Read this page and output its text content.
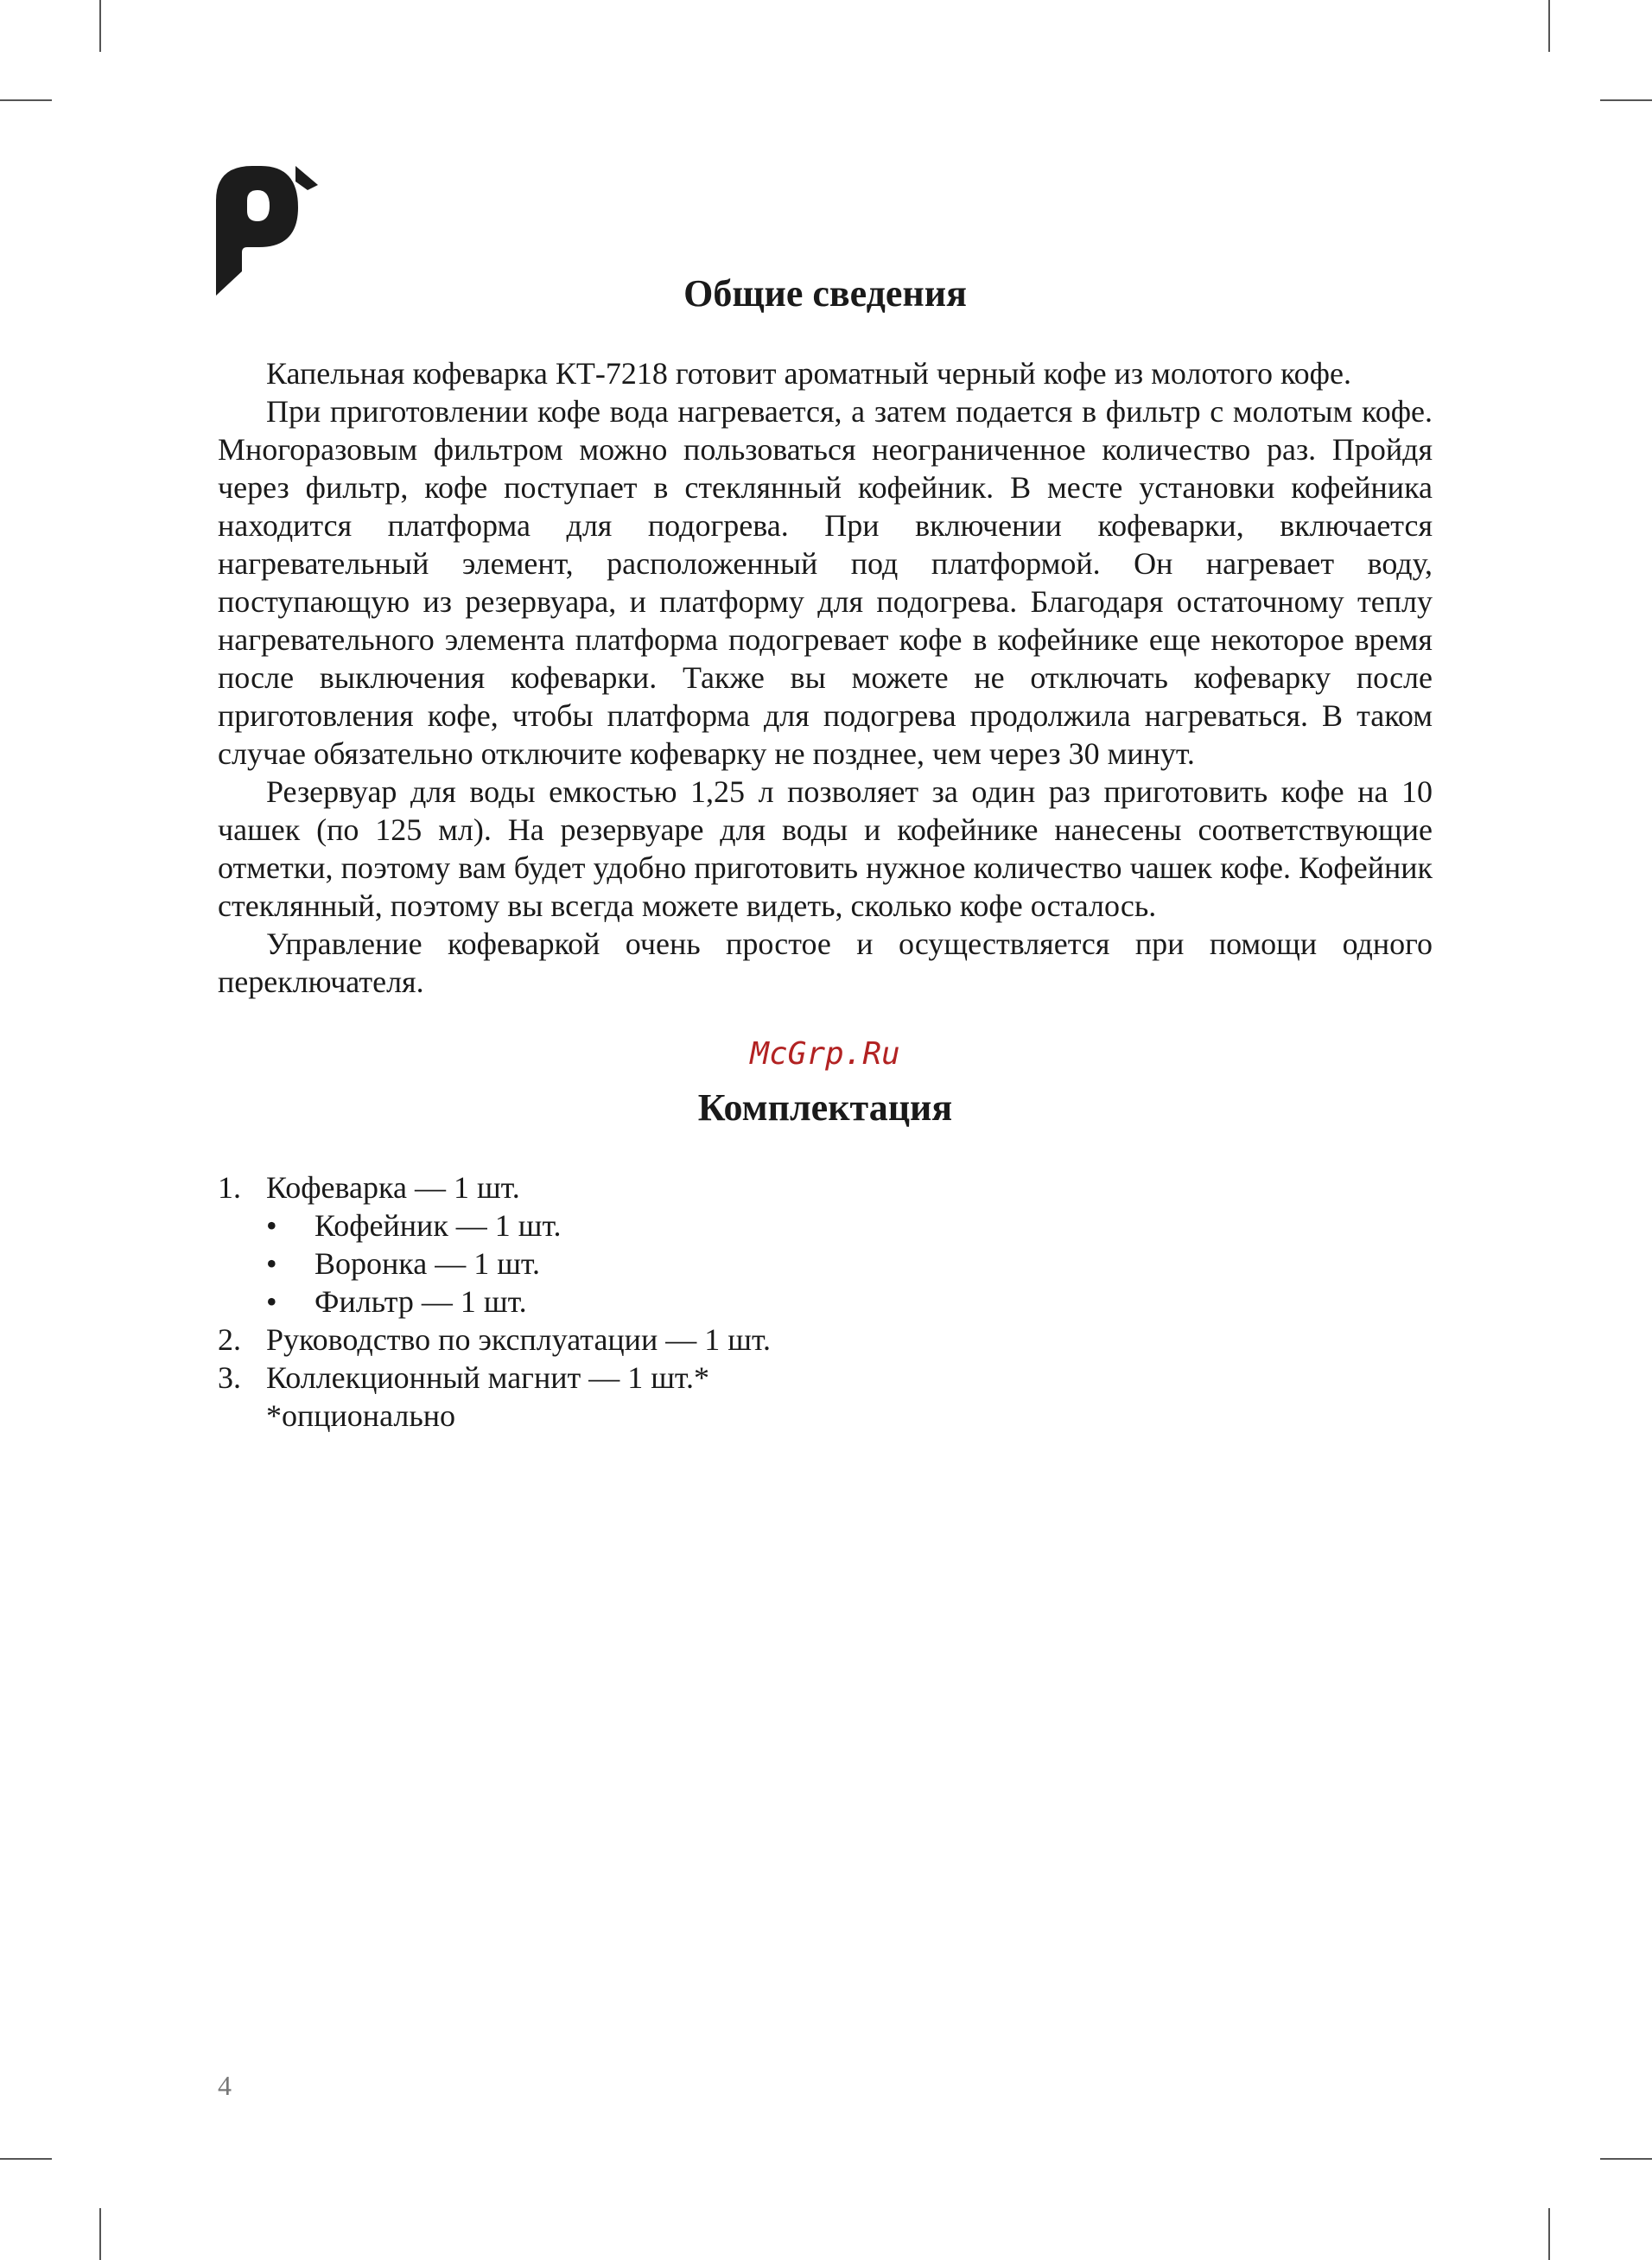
Общие сведения

Капельная кофеварка КТ-7218 готовит ароматный черный кофе из молотого кофе.

При приготовлении кофе вода нагревается, а затем подается в фильтр с молотым кофе. Многоразовым фильтром можно пользоваться неограниченное количество раз. Пройдя через фильтр, кофе поступает в стеклянный кофейник. В месте установки кофейника находится платформа для подогрева. При включении кофеварки, включается нагревательный элемент, расположенный под платформой. Он нагревает воду, поступающую из резервуара, и платформу для подогрева. Благодаря остаточному теплу нагревательного элемента платформа подогревает кофе в кофейнике еще некоторое время после выключения кофеварки. Также вы можете не отключать кофеварку после приготовления кофе, чтобы платформа для подогрева продолжила нагреваться. В таком случае обязательно отключите кофеварку не позднее, чем через 30 минут.

Резервуар для воды емкостью 1,25 л позволяет за один раз приготовить кофе на 10 чашек (по 125 мл). На резервуаре для воды и кофейнике нанесены соответствующие отметки, поэтому вам будет удобно приготовить нужное количество чашек кофе. Кофейник стеклянный, поэтому вы всегда можете видеть, сколько кофе осталось.

Управление кофеваркой очень простое и осуществляется при помощи одного переключателя.

McGrp.Ru
Комплектация
1. Кофеварка — 1 шт.
• Кофейник — 1 шт.
• Воронка — 1 шт.
• Фильтр — 1 шт.
2. Руководство по эксплуатации — 1 шт.
3. Коллекционный магнит — 1 шт.*
*опционально
4
